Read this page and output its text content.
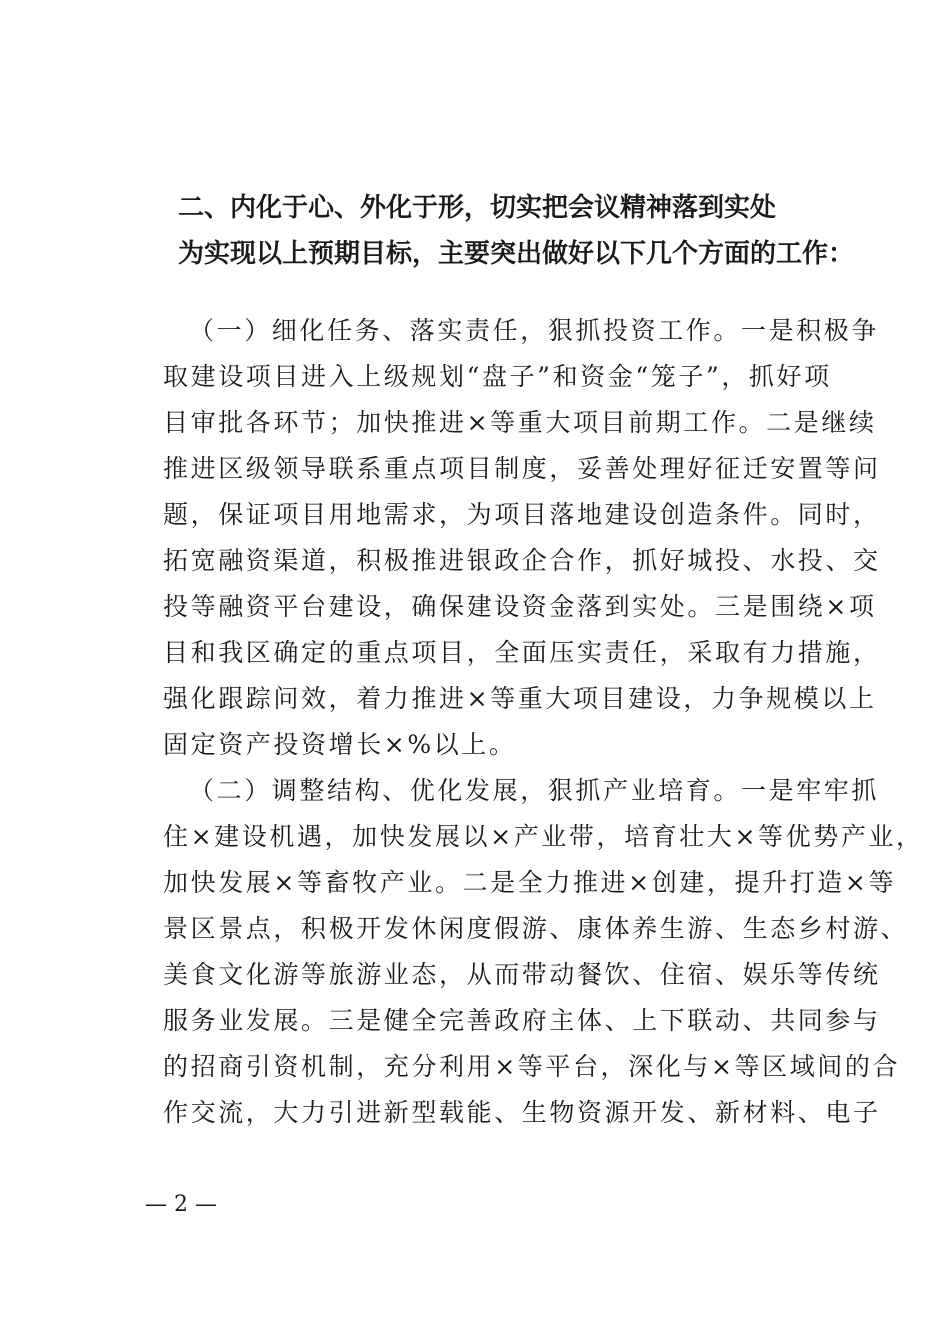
二、内化于心、外化于形，切实把会议精神落到实处
为实现以上预期目标，主要突出做好以下几个方面的工作：
（一）细化任务、落实责任，狠抓投资工作。一是积极争
取建设项目进入上级规划“盘子”和资金“笼子”，抓好项
目审批各环节；加快推进×等重大项目前期工作。二是继续
推进区级领导联系重点项目制度，妥善处理好征迁安置等问
题，保证项目用地需求，为项目落地建设创造条件。同时，
拓宽融资渠道，积极推进银政企合作，抓好城投、水投、交
投等融资平台建设，确保建设资金落到实处。三是围绕×项
目和我区确定的重点项目，全面压实责任，采取有力措施，
强化跟踪问效，着力推进×等重大项目建设，力争规模以上
固定资产投资增长×%以上。
（二）调整结构、优化发展，狠抓产业培育。一是牢牢抓
住×建设机遇，加快发展以×产业带，培育壮大×等优势产业，
加快发展×等畜牧产业。二是全力推进×创建，提升打造×等
景区景点，积极开发休闲度假游、康体养生游、生态乡村游、
美食文化游等旅游业态，从而带动餐饮、住宿、娱乐等传统
服务业发展。三是健全完善政府主体、上下联动、共同参与
的招商引资机制，充分利用×等平台，深化与×等区域间的合
作交流，大力引进新型载能、生物资源开发、新材料、电子
— 2 —
